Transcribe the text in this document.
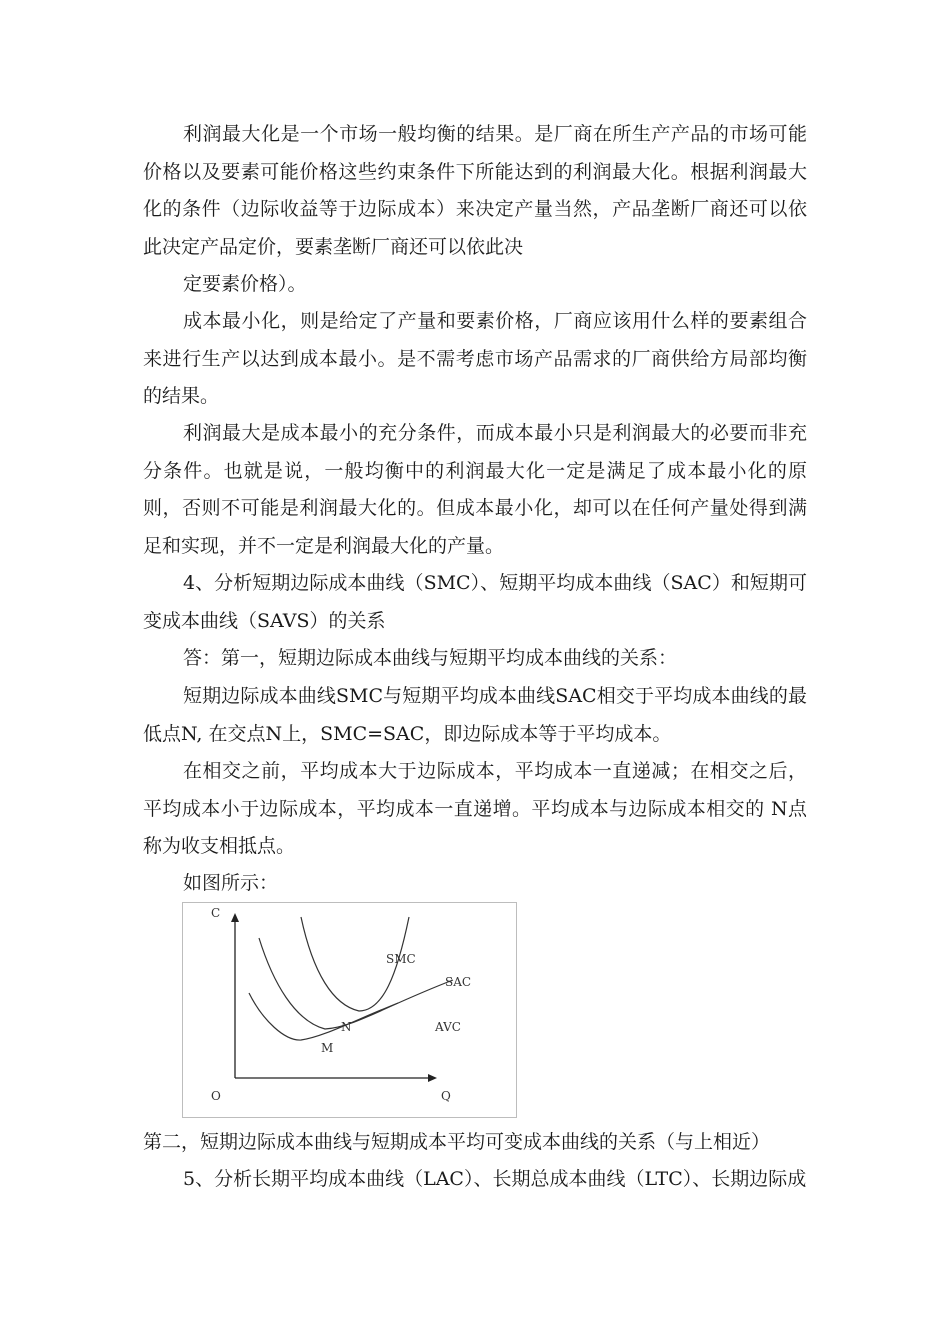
利润最大化是一个市场一般均衡的结果。是厂商在所生产产品的市场可能价格以及要素可能价格这些约束条件下所能达到的利润最大化。根据利润最大化的条件（边际收益等于边际成本）来决定产量当然，产品垄断厂商还可以依此决定产品定价，要素垄断厂商还可以依此决

定要素价格）。

成本最小化，则是给定了产量和要素价格，厂商应该用什么样的要素组合来进行生产以达到成本最小。是不需考虑市场产品需求的厂商供给方局部均衡的结果。

利润最大是成本最小的充分条件，而成本最小只是利润最大的必要而非充分条件。也就是说，一般均衡中的利润最大化一定是满足了成本最小化的原则，否则不可能是利润最大化的。但成本最小化，却可以在任何产量处得到满足和实现，并不一定是利润最大化的产量。

4、分析短期边际成本曲线（SMC）、短期平均成本曲线（SAC）和短期可变成本曲线（SAVS）的关系

答：第一，短期边际成本曲线与短期平均成本曲线的关系：

短期边际成本曲线SMC与短期平均成本曲线SAC相交于平均成本曲线的最低点N, 在交点N上，SMC=SAC，即边际成本等于平均成本。

在相交之前，平均成本大于边际成本，平均成本一直递减；在相交之后，平均成本小于边际成本，平均成本一直递增。平均成本与边际成本相交的 N点称为收支相抵点。

如图所示：

C
O	Q
SMC
SAC
AVC
N
M

第二，短期边际成本曲线与短期成本平均可变成本曲线的关系（与上相近）

5、分析长期平均成本曲线（LAC）、长期总成本曲线（LTC）、长期边际成
